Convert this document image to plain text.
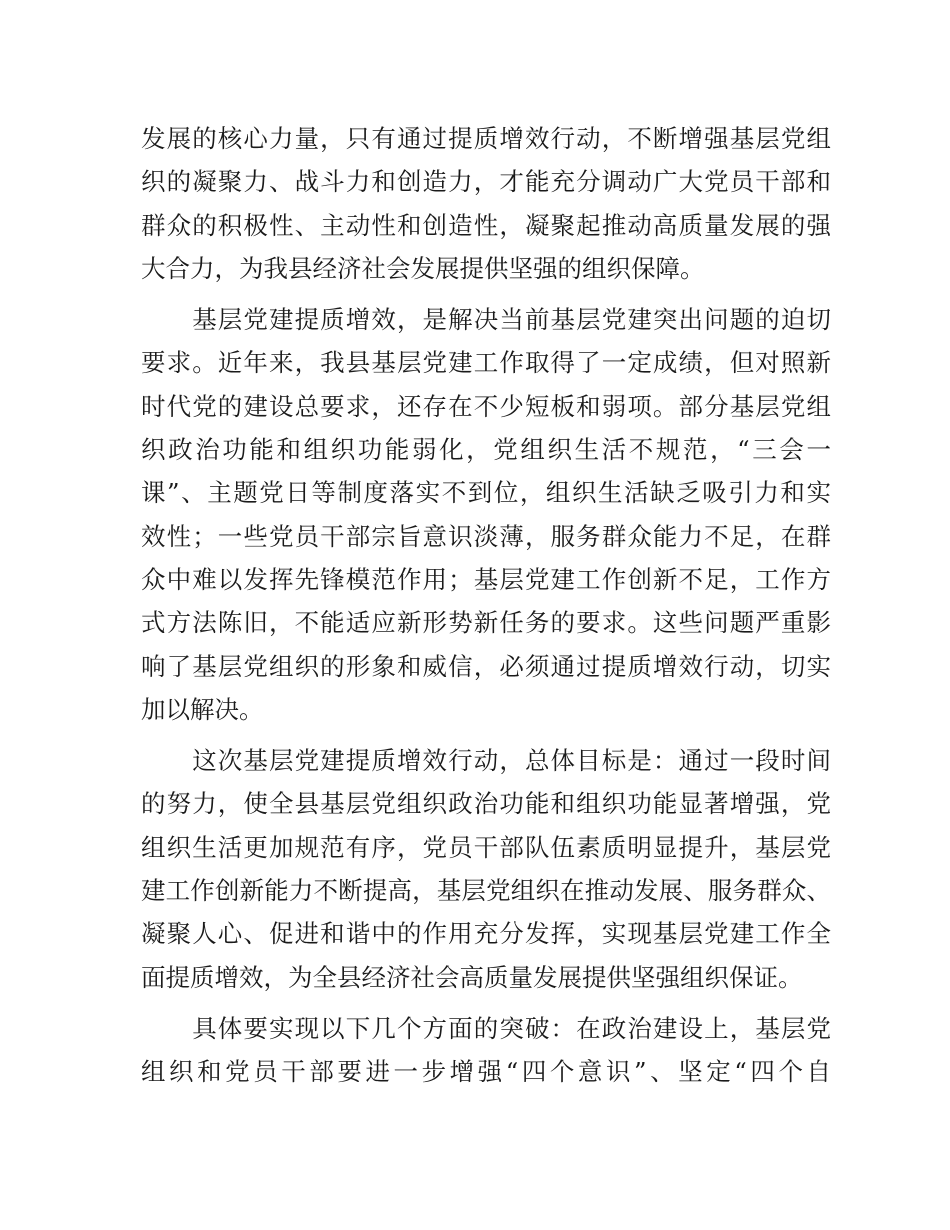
发展的核心力量，只有通过提质增效行动，不断增强基层党组
织的凝聚力、战斗力和创造力，才能充分调动广大党员干部和
群众的积极性、主动性和创造性，凝聚起推动高质量发展的强
大合力，为我县经济社会发展提供坚强的组织保障。
　　基层党建提质增效，是解决当前基层党建突出问题的迫切
要求。近年来，我县基层党建工作取得了一定成绩，但对照新
时代党的建设总要求，还存在不少短板和弱项。部分基层党组
织政治功能和组织功能弱化，党组织生活不规范，“三会一
课”、主题党日等制度落实不到位，组织生活缺乏吸引力和实
效性；一些党员干部宗旨意识淡薄，服务群众能力不足，在群
众中难以发挥先锋模范作用；基层党建工作创新不足，工作方
式方法陈旧，不能适应新形势新任务的要求。这些问题严重影
响了基层党组织的形象和威信，必须通过提质增效行动，切实
加以解决。
　　这次基层党建提质增效行动，总体目标是：通过一段时间
的努力，使全县基层党组织政治功能和组织功能显著增强，党
组织生活更加规范有序，党员干部队伍素质明显提升，基层党
建工作创新能力不断提高，基层党组织在推动发展、服务群众、
凝聚人心、促进和谐中的作用充分发挥，实现基层党建工作全
面提质增效，为全县经济社会高质量发展提供坚强组织保证。
　　具体要实现以下几个方面的突破：在政治建设上，基层党
组织和党员干部要进一步增强“四个意识”、坚定“四个自
